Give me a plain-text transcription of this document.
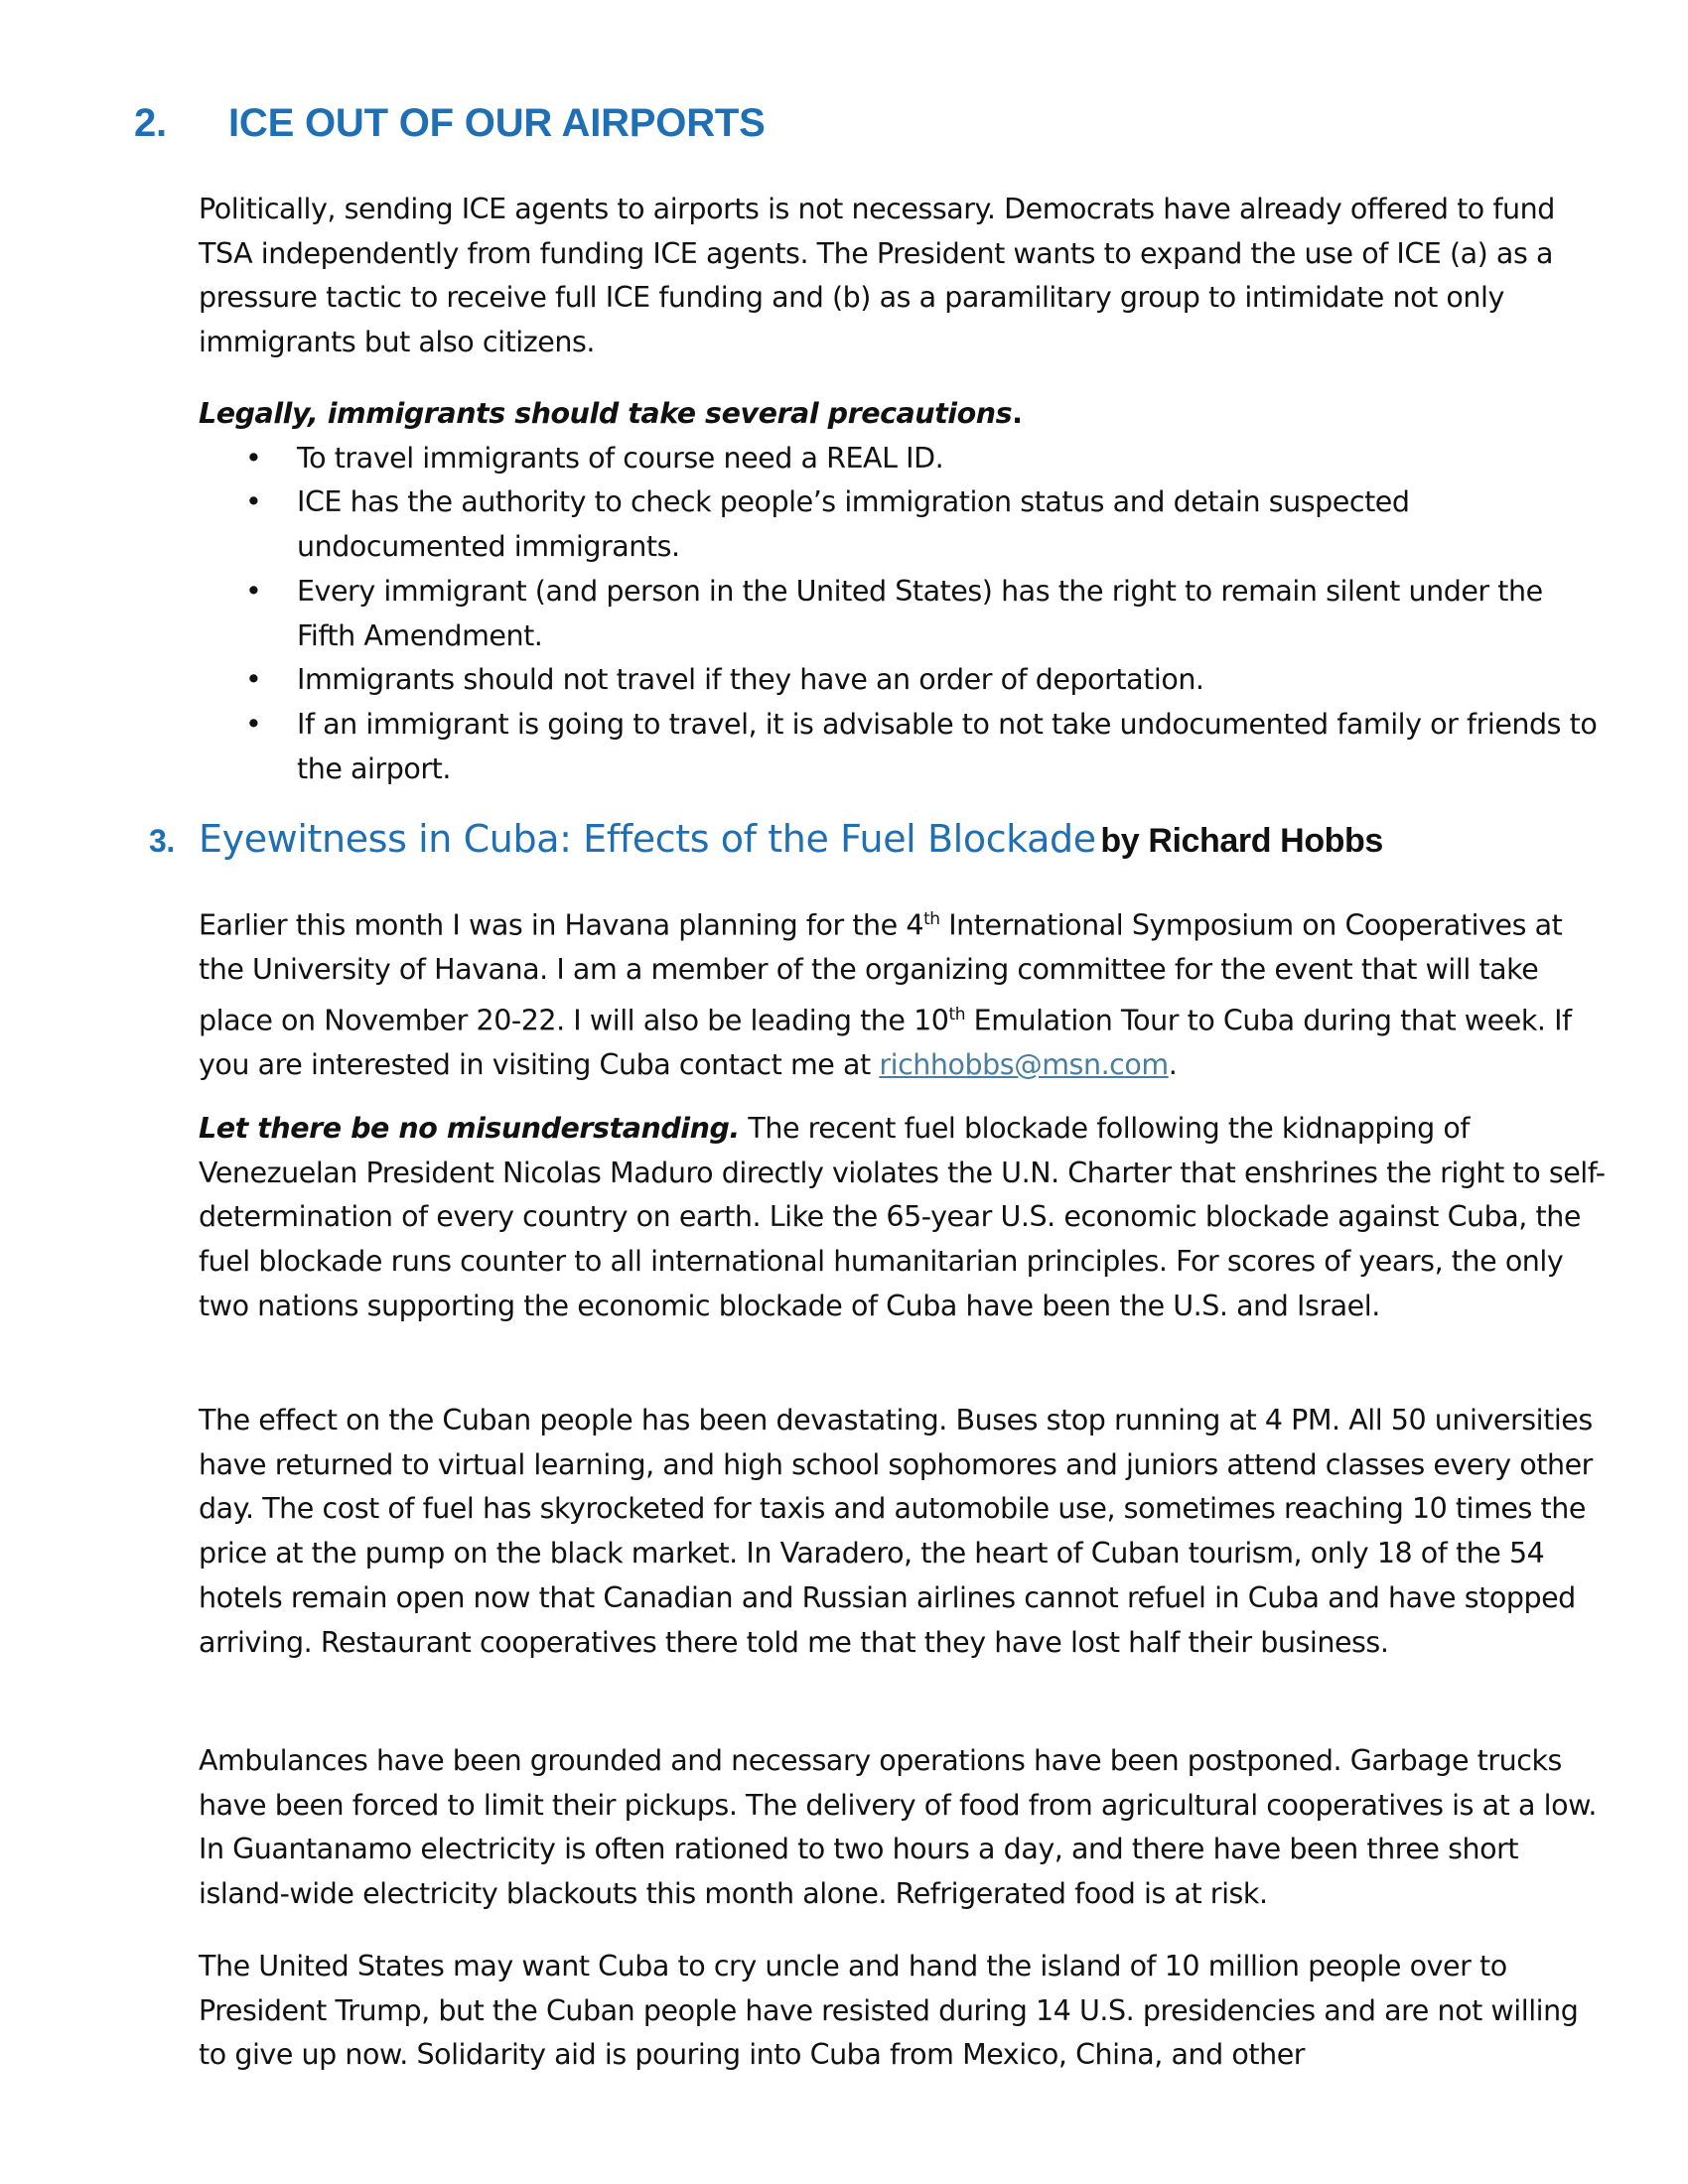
2. ICE OUT OF OUR AIRPORTS

Politically, sending ICE agents to airports is not necessary. Democrats have already offered to fund TSA independently from funding ICE agents. The President wants to expand the use of ICE (a) as a pressure tactic to receive full ICE funding and (b) as a paramilitary group to intimidate not only immigrants but also citizens.

Legally, immigrants should take several precautions.

• To travel immigrants of course need a REAL ID.
• ICE has the authority to check people’s immigration status and detain suspected undocumented immigrants.
• Every immigrant (and person in the United States) has the right to remain silent under the Fifth Amendment.
• Immigrants should not travel if they have an order of deportation.
• If an immigrant is going to travel, it is advisable to not take undocumented family or friends to the airport.
3. Eyewitness in Cuba: Effects of the Fuel Blockade by Richard Hobbs

Earlier this month I was in Havana planning for the 4th International Symposium on Cooperatives at the University of Havana. I am a member of the organizing committee for the event that will take place on November 20-22. I will also be leading the 10th Emulation Tour to Cuba during that week. If you are interested in visiting Cuba contact me at richhobbs@msn.com.

Let there be no misunderstanding. The recent fuel blockade following the kidnapping of Venezuelan President Nicolas Maduro directly violates the U.N. Charter that enshrines the right to self-determination of every country on earth. Like the 65-year U.S. economic blockade against Cuba, the fuel blockade runs counter to all international humanitarian principles. For scores of years, the only two nations supporting the economic blockade of Cuba have been the U.S. and Israel.

The effect on the Cuban people has been devastating. Buses stop running at 4 PM. All 50 universities have returned to virtual learning, and high school sophomores and juniors attend classes every other day. The cost of fuel has skyrocketed for taxis and automobile use, sometimes reaching 10 times the price at the pump on the black market. In Varadero, the heart of Cuban tourism, only 18 of the 54 hotels remain open now that Canadian and Russian airlines cannot refuel in Cuba and have stopped arriving. Restaurant cooperatives there told me that they have lost half their business.

Ambulances have been grounded and necessary operations have been postponed. Garbage trucks have been forced to limit their pickups. The delivery of food from agricultural cooperatives is at a low. In Guantanamo electricity is often rationed to two hours a day, and there have been three short island-wide electricity blackouts this month alone. Refrigerated food is at risk.

The United States may want Cuba to cry uncle and hand the island of 10 million people over to President Trump, but the Cuban people have resisted during 14 U.S. presidencies and are not willing to give up now. Solidarity aid is pouring into Cuba from Mexico, China, and other
